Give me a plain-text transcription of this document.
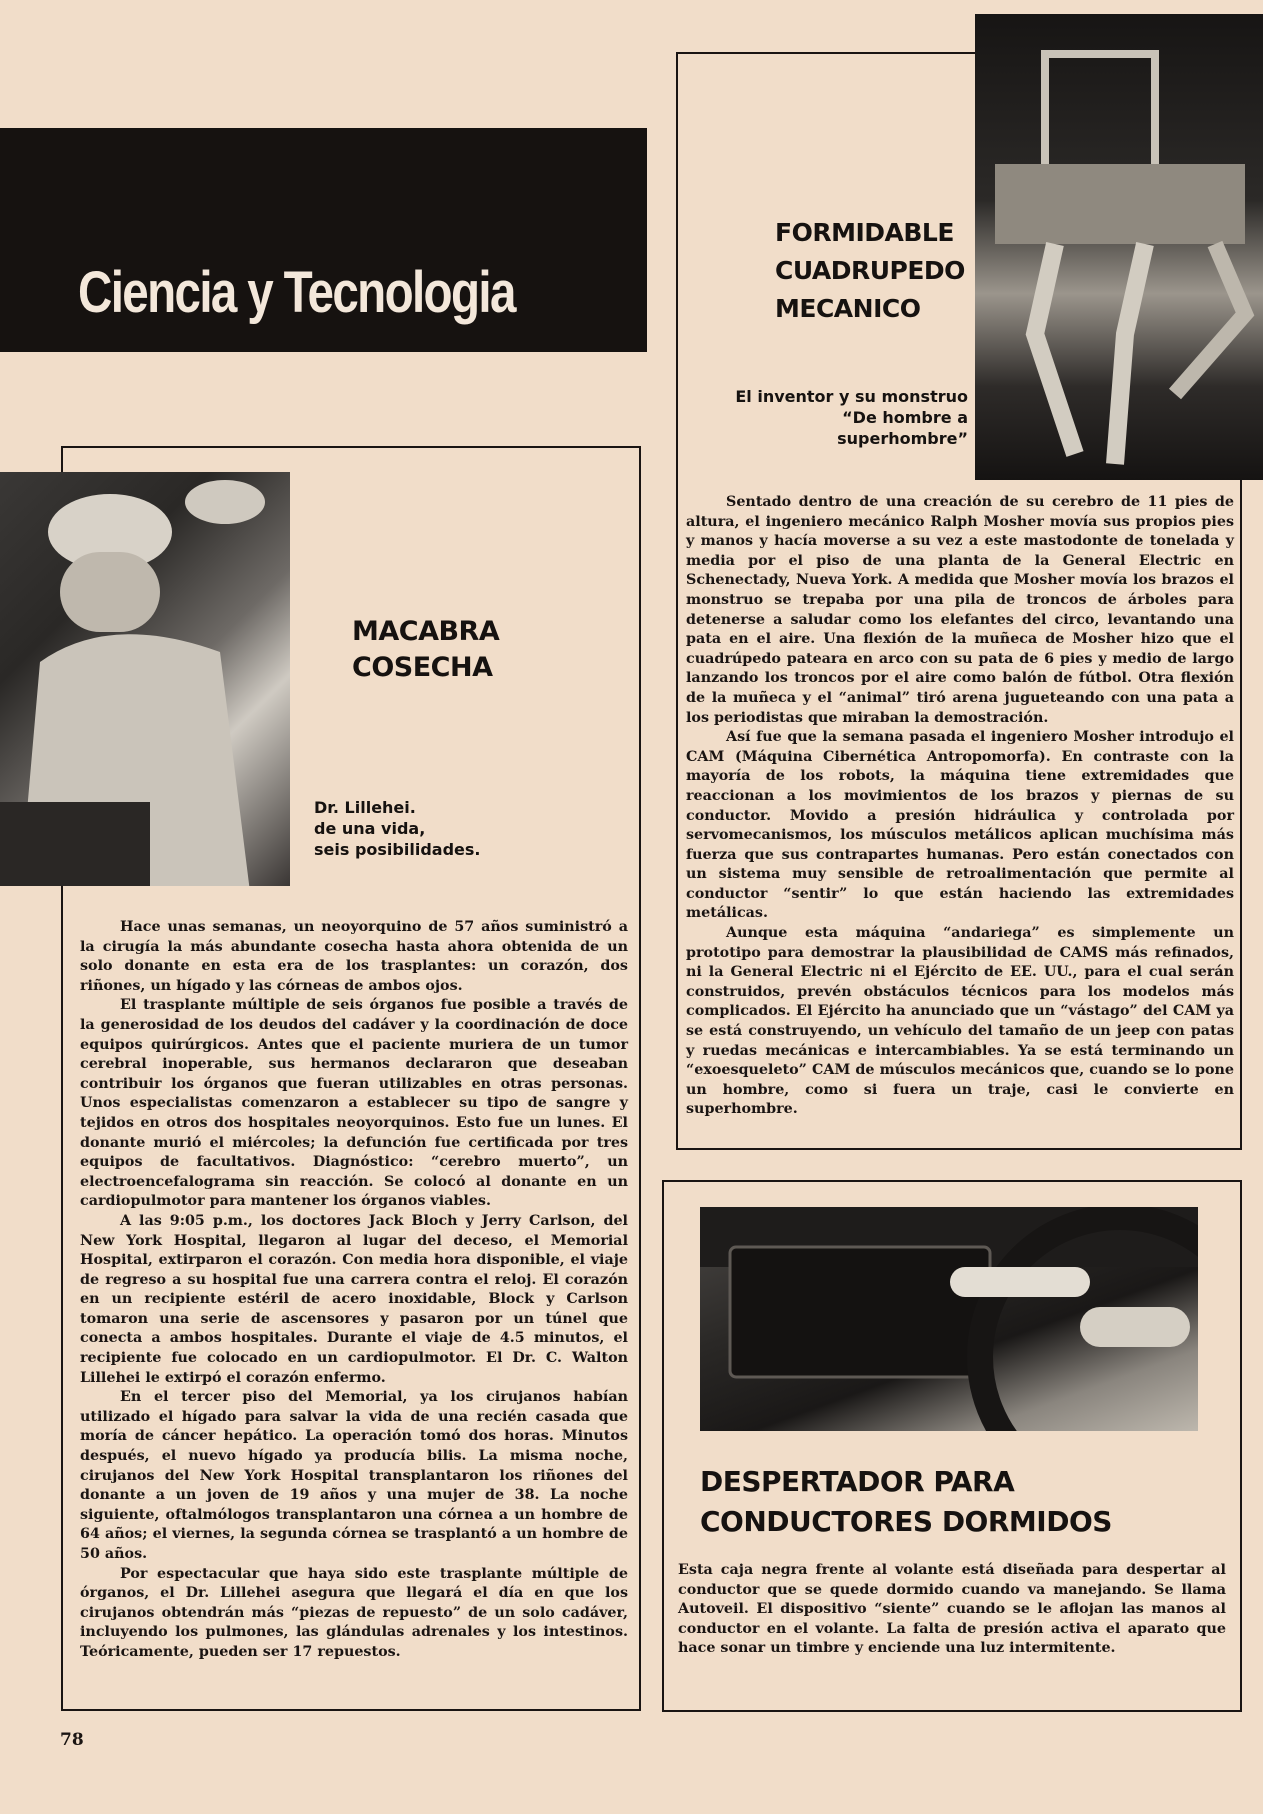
Ciencia y Tecnologia
MACABRA
COSECHA
Dr. Lillehei.
de una vida,
seis posibilidades.

Hace unas semanas, un neoyorquino de 57 años suministró a la cirugía la más abundante cosecha hasta ahora obtenida de un solo donante en esta era de los trasplantes: un corazón, dos riñones, un hígado y las córneas de ambos ojos.

El trasplante múltiple de seis órganos fue posible a través de la generosidad de los deudos del cadáver y la coordinación de doce equipos quirúrgicos. Antes que el paciente muriera de un tumor cerebral inoperable, sus hermanos declararon que deseaban contribuir los órganos que fueran utilizables en otras personas. Unos especialistas comenzaron a establecer su tipo de sangre y tejidos en otros dos hospitales neoyorquinos. Esto fue un lunes. El donante murió el miércoles; la defunción fue certificada por tres equipos de facultativos. Diagnóstico: “cerebro muerto”, un electroencefalograma sin reacción. Se colocó al donante en un cardiopulmotor para mantener los órganos viables.

A las 9:05 p.m., los doctores Jack Bloch y Jerry Carlson, del New York Hospital, llegaron al lugar del deceso, el Memorial Hospital, extirparon el corazón. Con media hora disponible, el viaje de regreso a su hospital fue una carrera contra el reloj. El corazón en un recipiente estéril de acero inoxidable, Block y Carlson tomaron una serie de ascensores y pasaron por un túnel que conecta a ambos hospitales. Durante el viaje de 4.5 minutos, el recipiente fue colocado en un cardiopulmotor. El Dr. C. Walton Lillehei le extirpó el corazón enfermo.

En el tercer piso del Memorial, ya los cirujanos habían utilizado el hígado para salvar la vida de una recién casada que moría de cáncer hepático. La operación tomó dos horas. Minutos después, el nuevo hígado ya producía bilis. La misma noche, cirujanos del New York Hospital transplantaron los riñones del donante a un joven de 19 años y una mujer de 38. La noche siguiente, oftalmólogos transplantaron una córnea a un hombre de 64 años; el viernes, la segunda córnea se trasplantó a un hombre de 50 años.

Por espectacular que haya sido este trasplante múltiple de órganos, el Dr. Lillehei asegura que llegará el día en que los cirujanos obtendrán más “piezas de repuesto” de un solo cadáver, incluyendo los pulmones, las glándulas adrenales y los intestinos. Teóricamente, pueden ser 17 repuestos.

FORMIDABLE
CUADRUPEDO
MECANICO
El inventor y su monstruo
“De hombre a superhombre”

Sentado dentro de una creación de su cerebro de 11 pies de altura, el ingeniero mecánico Ralph Mosher movía sus propios pies y manos y hacía moverse a su vez a este mastodonte de tonelada y media por el piso de una planta de la General Electric en Schenectady, Nueva York. A medida que Mosher movía los brazos el monstruo se trepaba por una pila de troncos de árboles para detenerse a saludar como los elefantes del circo, levantando una pata en el aire. Una flexión de la muñeca de Mosher hizo que el cuadrúpedo pateara en arco con su pata de 6 pies y medio de largo lanzando los troncos por el aire como balón de fútbol. Otra flexión de la muñeca y el “animal” tiró arena jugueteando con una pata a los periodistas que miraban la demostración.

Así fue que la semana pasada el ingeniero Mosher introdujo el CAM (Máquina Cibernética Antropomorfa). En contraste con la mayoría de los robots, la máquina tiene extremidades que reaccionan a los movimientos de los brazos y piernas de su conductor. Movido a presión hidráulica y controlada por servomecanismos, los músculos metálicos aplican muchísima más fuerza que sus contrapartes humanas. Pero están conectados con un sistema muy sensible de retroalimentación que permite al conductor “sentir” lo que están haciendo las extremidades metálicas.

Aunque esta máquina “andariega” es simplemente un prototipo para demostrar la plausibilidad de CAMS más refinados, ni la General Electric ni el Ejército de EE. UU., para el cual serán construidos, prevén obstáculos técnicos para los modelos más complicados. El Ejército ha anunciado que un “vástago” del CAM ya se está construyendo, un vehículo del tamaño de un jeep con patas y ruedas mecánicas e intercambiables. Ya se está terminando un “exoesqueleto” CAM de músculos mecánicos que, cuando se lo pone un hombre, como si fuera un traje, casi le convierte en superhombre.

DESPERTADOR PARA
CONDUCTORES DORMIDOS

Esta caja negra frente al volante está diseñada para despertar al conductor que se quede dormido cuando va manejando. Se llama Autoveil. El dispositivo “siente” cuando se le aflojan las manos al conductor en el volante. La falta de presión activa el aparato que hace sonar un timbre y enciende una luz intermitente.

78
